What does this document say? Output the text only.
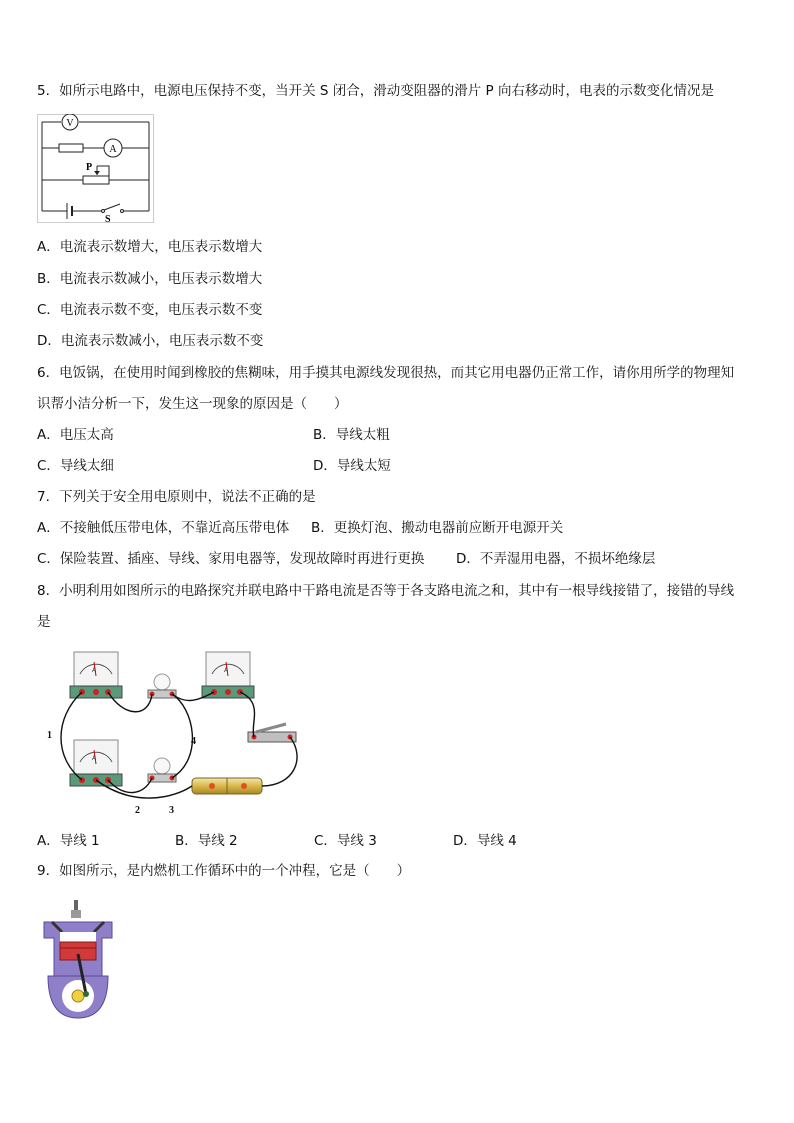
5．如所示电路中，电源电压保持不变，当开关 S 闭合，滑动变阻器的滑片 P 向右移动时，电表的示数变化情况是
V
A
P
S
A．电流表示数增大，电压表示数增大
B．电流表示数减小，电压表示数增大
C．电流表示数不变，电压表示数不变
D．电流表示数减小，电压表示数不变
6．电饭锅，在使用时闻到橡胶的焦糊味，用手摸其电源线发现很热，而其它用电器仍正常工作，请你用所学的物理知
识帮小洁分析一下，发生这一现象的原因是（　　）
A．电压太高	B．导线太粗
C．导线太细	D．导线太短
7．下列关于安全用电原则中，说法不正确的是
A．不接触低压带电体，不靠近高压带电体 B．更换灯泡、搬动电器前应断开电源开关
C．保险装置、插座、导线、家用电器等，发现故障时再进行更换 D．不弄湿用电器，不损坏绝缘层
8．小明利用如图所示的电路探究并联电路中干路电流是否等于各支路电流之和，其中有一根导线接错了，接错的导线
是
A	A
A
1
2	3
4
A．导线 1	B．导线 2	C．导线 3	D．导线 4
9．如图所示，是内燃机工作循环中的一个冲程，它是（　　）
